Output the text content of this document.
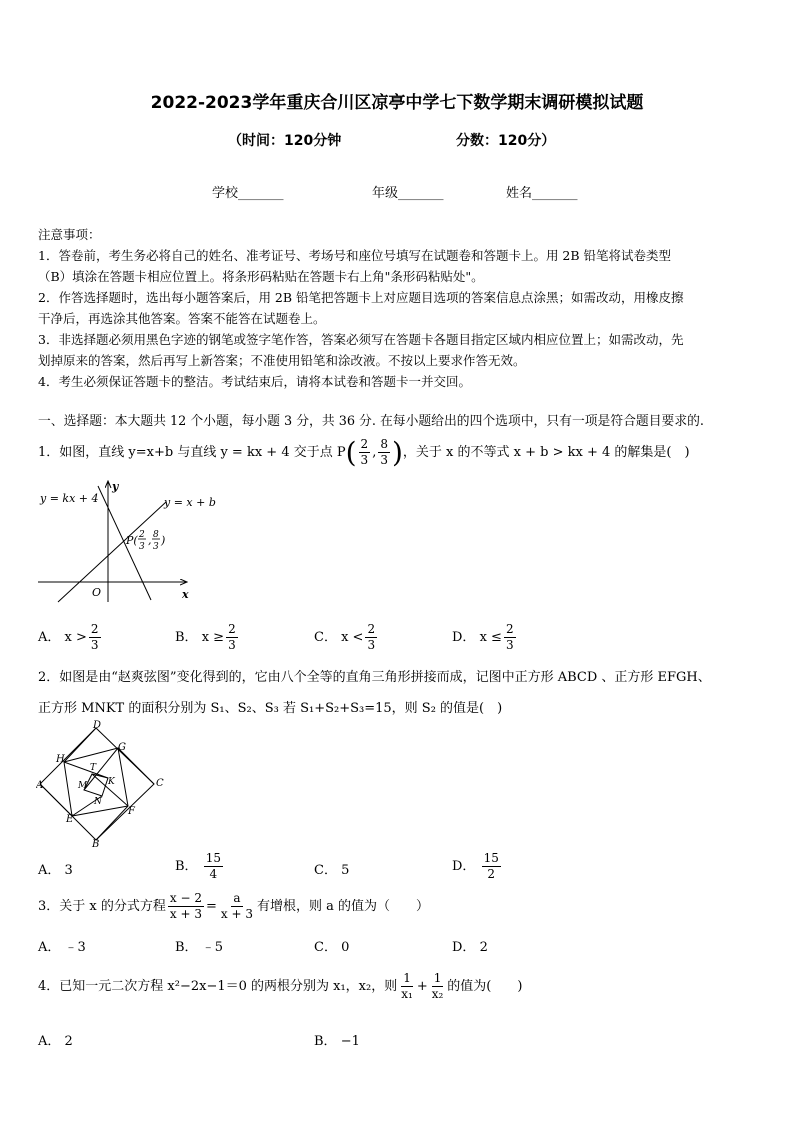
2022-2023学年重庆合川区凉亭中学七下数学期末调研模拟试题
（时间：120分钟	分数：120分）
学校_______	年级_______	姓名_______
注意事项：
1．答卷前，考生务必将自己的姓名、准考证号、考场号和座位号填写在试题卷和答题卡上。用 2B 铅笔将试卷类型
（B）填涂在答题卡相应位置上。将条形码粘贴在答题卡右上角"条形码粘贴处"。
2．作答选择题时，选出每小题答案后，用 2B 铅笔把答题卡上对应题目选项的答案信息点涂黑；如需改动，用橡皮擦
干净后，再选涂其他答案。答案不能答在试题卷上。
3．非选择题必须用黑色字迹的钢笔或签字笔作答，答案必须写在答题卡各题目指定区域内相应位置上；如需改动，先
划掉原来的答案，然后再写上新答案；不准使用铅笔和涂改液。不按以上要求作答无效。
4．考生必须保证答题卡的整洁。考试结束后，请将本试卷和答题卡一并交回。
一、选择题：本大题共 12 个小题，每小题 3 分，共 36 分. 在每小题给出的四个选项中，只有一项是符合题目要求的.
1．如图，直线 y=x+b 与直线 y = kx + 4 交于点 $P( \frac{2}{3}$ , $\frac{8}{3}$ )，关于 x 的不等式 x + b > kx + 4 的解集是(　)
y = kx + 4	y = x + b
y
x
O
P( 2
3 , 8
3 )
A． $x > \frac{2}{3}$	B． $x \ge \frac{2}{3}$	C． $x < \frac{2}{3}$	D． $x \le \frac{2}{3}$
2．如图是由“赵爽弦图”变化得到的，它由八个全等的直角三角形拼接而成，记图中正方形 ABCD 、正方形 EFGH、
正方形 MNKT 的面积分别为 S₁、S₂、S₃ 若 S₁+S₂+S₃=15，则 S₂ 的值是(　)
D
C
B
A
G
H
E
F
T
K
M
N
A． 3	B． $\frac{15}{4}$	C． 5	D． $\frac{15}{2}$
3．关于 x 的分式方程 $\frac{x - 2}{x + 3} = \frac{a}{x + 3}$ 有增根，则 a 的值为（　　）
A． ﹣3	B． ﹣5	C． 0	D． 2
4．已知一元二次方程 x²−2x−1＝0 的两根分别为 x₁，x₂，则 $\frac{1}{\text{x₁}} + \frac{1}{\text{x₂}}$ 的值为(　　)
A． 2	B． −1
